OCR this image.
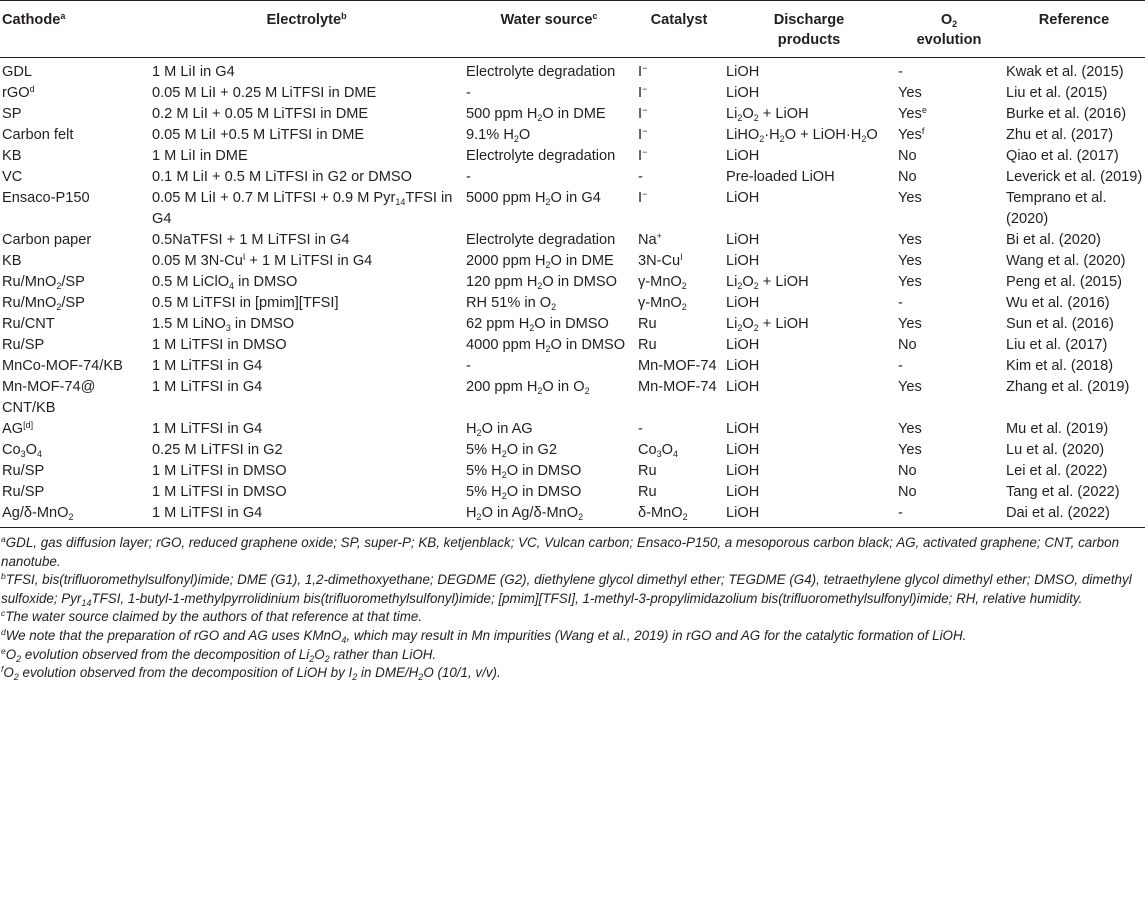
Cathode$^a$	Electrolyte$^b$	Water source$^c$	Catalyst	Discharge products	$O_2$ evolution	Reference
GDL	1 M LiI in G4	Electrolyte degradation	I−	LiOH	-	Kwak et al. (2015)
rGO$^d$	0.05 M LiI + 0.25 M LiTFSI in DME	-	I−	LiOH	Yes	Liu et al. (2015)
SP	0.2 M LiI + 0.05 M LiTFSI in DME	500 ppm $H_2O$ in DME	I−	$Li_2O_2$ + LiOH	Yes$^e$	Burke et al. (2016)
Carbon felt	0.05 M LiI +0.5 M LiTFSI in DME	9.1% $H_2O$	I−	$LiHO_2\cdot H_2O$ + $LiOH\cdot H_2O$	Yes$^f$	Zhu et al. (2017)
KB	1 M LiI in DME	Electrolyte degradation	I−	LiOH	No	Qiao et al. (2017)
VC	0.1 M LiI + 0.5 M LiTFSI in G2 or DMSO	-	-	Pre-loaded LiOH	No	Leverick et al. (2019)
Ensaco-P150	0.05 M LiI + 0.7 M LiTFSI + 0.9 M Pyr$_{14}$TFSI in G4	5000 ppm $H_2O$ in G4	I−	LiOH	Yes	Temprano et al. (2020)
Carbon paper	0.5NaTFSI + 1 M LiTFSI in G4	Electrolyte degradation	Na+	LiOH	Yes	Bi et al. (2020)
KB	0.05 M $3N-Cu^I + 1$ M LiTFSI in G4	2000 ppm $H_2O$ in DME	$3N-Cu^I$	LiOH	Yes	Wang et al. (2020)
Ru/MnO$_2$/SP	0.5 M LiClO$_4$ in DMSO	120 ppm $H_2O$ in DMSO	γ-MnO$_2$	$Li_2O_2$ + LiOH	Yes	Peng et al. (2015)
Ru/MnO$_2$/SP	0.5 M LiTFSI in [pmim][TFSI]	RH 51% in $O_2$	γ-MnO$_2$	LiOH	-	Wu et al. (2016)
Ru/CNT	1.5 M LiNO$_3$ in DMSO	62 ppm $H_2O$ in DMSO	Ru	$Li_2O_2$ + LiOH	Yes	Sun et al. (2016)
Ru/SP	1 M LiTFSI in DMSO	4000 ppm $H_2O$ in DMSO	Ru	LiOH	No	Liu et al. (2017)
MnCo-MOF-74/KB	1 M LiTFSI in G4	-	Mn-MOF-74	LiOH	-	Kim et al. (2018)
Mn-MOF-74@ CNT/KB	1 M LiTFSI in G4	200 ppm $H_2O$ in $O_2$	Mn-MOF-74	LiOH	Yes	Zhang et al. (2019)
AG[d]	1 M LiTFSI in G4	$H_2O$ in AG	-	LiOH	Yes	Mu et al. (2019)
$Co_3O_4$	0.25 M LiTFSI in G2	5% $H_2O$ in G2	$Co_3O_4$	LiOH	Yes	Lu et al. (2020)
Ru/SP	1 M LiTFSI in DMSO	5% $H_2O$ in DMSO	Ru	LiOH	No	Lei et al. (2022)
Ru/SP	1 M LiTFSI in DMSO	5% $H_2O$ in DMSO	Ru	LiOH	No	Tang et al. (2022)
Ag/δ-MnO$_2$	1 M LiTFSI in G4	$H_2O$ in Ag/δ-MnO$_2$	δ-MnO$_2$	LiOH	-	Dai et al. (2022)

$^a$GDL, gas diffusion layer; rGO, reduced graphene oxide; SP, super-P; KB, ketjenblack; VC, Vulcan carbon; Ensaco-P150, a mesoporous carbon black; AG, activated graphene; CNT, carbon nanotube.

$^b$TFSI, bis(trifluoromethylsulfonyl)imide; DME (G1), 1,2-dimethoxyethane; DEGDME (G2), diethylene glycol dimethyl ether; TEGDME (G4), tetraethylene glycol dimethyl ether; DMSO, dimethyl sulfoxide; Pyr$_{14}$TFSI, 1-butyl-1-methylpyrrolidinium bis(trifluoromethylsulfonyl)imide; [pmim][TFSI], 1-methyl-3-propylimidazolium bis(trifluoromethylsulfonyl)imide; RH, relative humidity.

$^c$The water source claimed by the authors of that reference at that time.

$^d$We note that the preparation of rGO and AG uses KMnO$_4$, which may result in Mn impurities (Wang et al., 2019) in rGO and AG for the catalytic formation of LiOH.

$^eO_2$ evolution observed from the decomposition of $Li_2O_2$ rather than LiOH.

$^fO_2$ evolution observed from the decomposition of LiOH by $I_2$ in DME/$H_2O$ (10/1, v/v).
